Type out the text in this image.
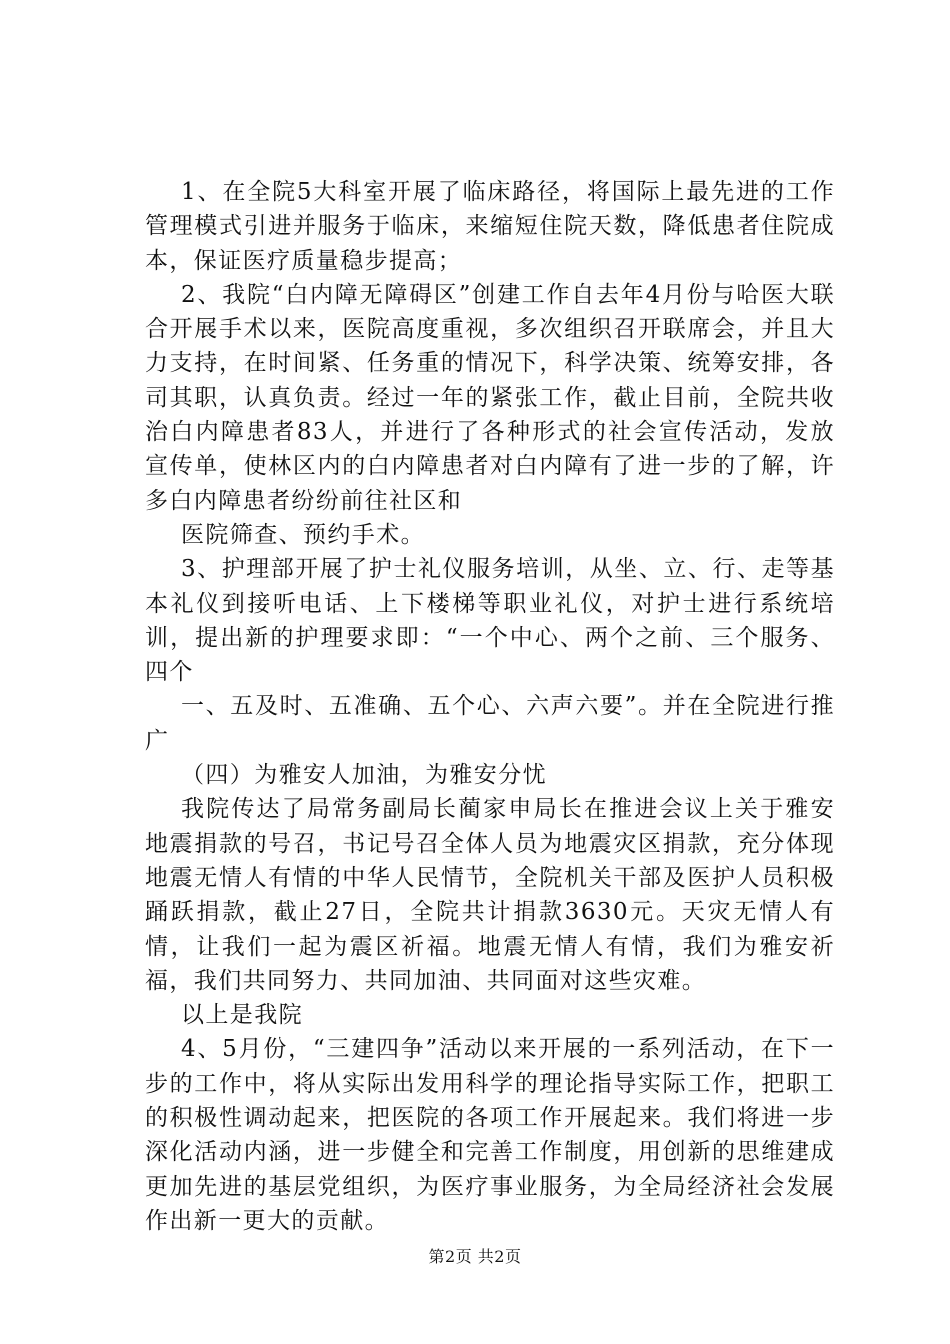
1、在全院5大科室开展了临床路径，将国际上最先进的工作管理模式引进并服务于临床，来缩短住院天数，降低患者住院成本，保证医疗质量稳步提高；

2、我院“白内障无障碍区”创建工作自去年4月份与哈医大联合开展手术以来，医院高度重视，多次组织召开联席会，并且大力支持，在时间紧、任务重的情况下，科学决策、统筹安排，各司其职，认真负责。经过一年的紧张工作，截止目前，全院共收治白内障患者83人，并进行了各种形式的社会宣传活动，发放宣传单，使林区内的白内障患者对白内障有了进一步的了解，许多白内障患者纷纷前往社区和

医院筛查、预约手术。

3、护理部开展了护士礼仪服务培训，从坐、立、行、走等基本礼仪到接听电话、上下楼梯等职业礼仪，对护士进行系统培训，提出新的护理要求即：“一个中心、两个之前、三个服务、四个

一、五及时、五准确、五个心、六声六要”。并在全院进行推广

（四）为雅安人加油，为雅安分忧

我院传达了局常务副局长蔺家申局长在推进会议上关于雅安地震捐款的号召，书记号召全体人员为地震灾区捐款，充分体现地震无情人有情的中华人民情节，全院机关干部及医护人员积极踊跃捐款，截止27日，全院共计捐款3630元。天灾无情人有情，让我们一起为震区祈福。地震无情人有情，我们为雅安祈福，我们共同努力、共同加油、共同面对这些灾难。

以上是我院

4、5月份，“三建四争”活动以来开展的一系列活动，在下一步的工作中，将从实际出发用科学的理论指导实际工作，把职工的积极性调动起来，把医院的各项工作开展起来。我们将进一步深化活动内涵，进一步健全和完善工作制度，用创新的思维建成更加先进的基层党组织，为医疗事业服务，为全局经济社会发展作出新一更大的贡献。

第2页 共2页
